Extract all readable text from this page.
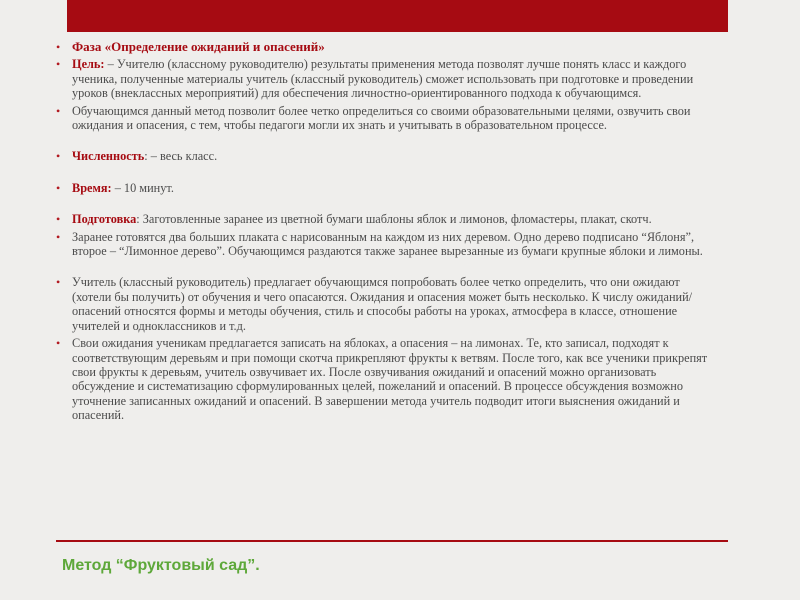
• Фаза «Определение ожиданий и опасений»
• Цель: – Учителю (классному руководителю) результаты применения метода позволят лучше понять класс и каждого ученика, полученные материалы учитель (классный руководитель) сможет использовать при подготовке и проведении уроков (внеклассных мероприятий) для обеспечения личностно-ориентированного подхода к обучающимся.
• Обучающимся данный метод позволит более четко определиться со своими образовательными целями, озвучить свои ожидания и опасения, с тем, чтобы педагоги могли их знать и учитывать в образовательном процессе.
• Численность: – весь класс.
• Время: – 10 минут.
• Подготовка: Заготовленные заранее из цветной бумаги шаблоны яблок и лимонов, фломастеры, плакат, скотч.
• Заранее готовятся два больших плаката с нарисованным на каждом из них деревом. Одно дерево подписано “Яблоня”, второе – “Лимонное дерево”. Обучающимся раздаются также заранее вырезанные из бумаги крупные яблоки и лимоны.
• Учитель (классный руководитель) предлагает обучающимся попробовать более четко определить, что они ожидают (хотели бы получить) от обучения и чего опасаются. Ожидания и опасения может быть несколько. К числу ожиданий/опасений относятся формы и методы обучения, стиль и способы работы на уроках, атмосфера в классе, отношение учителей и одноклассников и т.д.
• Свои ожидания ученикам предлагается записать на яблоках, а опасения – на лимонах. Те, кто записал, подходят к соответствующим деревьям и при помощи скотча прикрепляют фрукты к ветвям. После того, как все ученики прикрепят свои фрукты к деревьям, учитель озвучивает их. После озвучивания ожиданий и опасений можно организовать обсуждение и систематизацию сформулированных целей, пожеланий и опасений. В процессе обсуждения возможно уточнение записанных ожиданий и опасений. В завершении метода учитель подводит итоги выяснения ожиданий и опасений.
Метод “Фруктовый сад”.
